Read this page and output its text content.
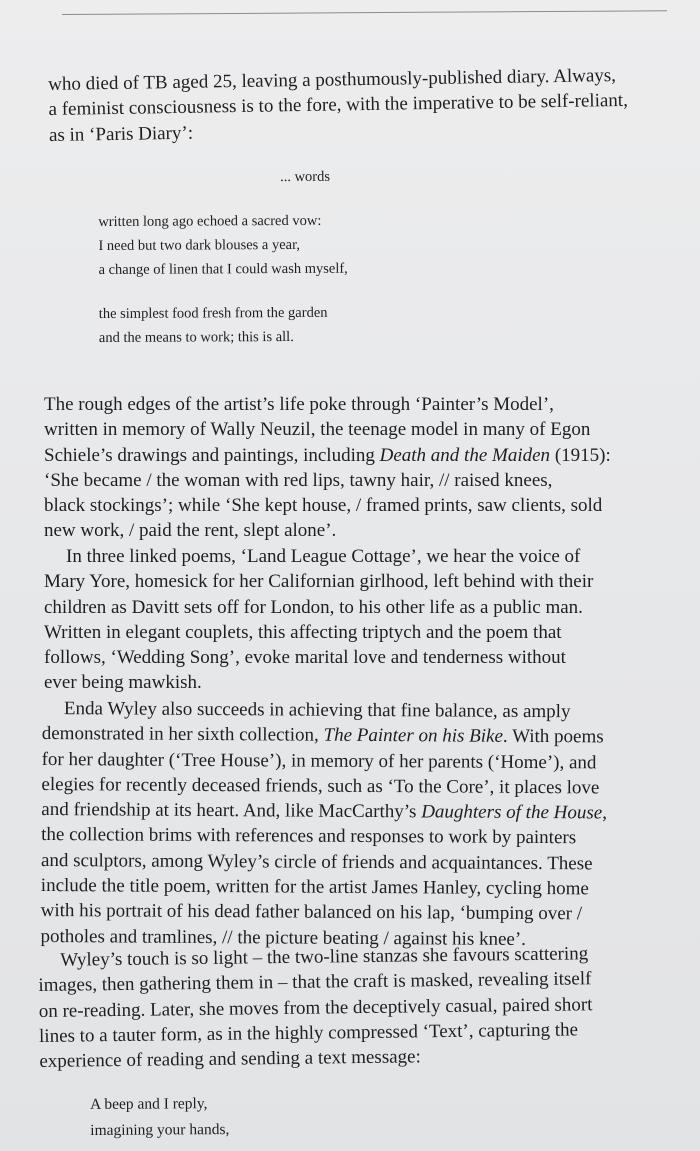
who died of TB aged 25, leaving a posthumously-published diary. Always,
a feminist consciousness is to the fore, with the imperative to be self-reliant,
as in ‘Paris Diary’:
... words
written long ago echoed a sacred vow:
I need but two dark blouses a year,
a change of linen that I could wash myself,
the simplest food fresh from the garden
and the means to work; this is all.
The rough edges of the artist’s life poke through ‘Painter’s Model’,
written in memory of Wally Neuzil, the teenage model in many of Egon
Schiele’s drawings and paintings, including Death and the Maiden (1915):
‘She became / the woman with red lips, tawny hair, // raised knees,
black stockings’; while ‘She kept house, / framed prints, saw clients, sold
new work, / paid the rent, slept alone’.
In three linked poems, ‘Land League Cottage’, we hear the voice of
Mary Yore, homesick for her Californian girlhood, left behind with their
children as Davitt sets off for London, to his other life as a public man.
Written in elegant couplets, this affecting triptych and the poem that
follows, ‘Wedding Song’, evoke marital love and tenderness without
ever being mawkish.
Enda Wyley also succeeds in achieving that fine balance, as amply
demonstrated in her sixth collection, The Painter on his Bike. With poems
for her daughter (‘Tree House’), in memory of her parents (‘Home’), and
elegies for recently deceased friends, such as ‘To the Core’, it places love
and friendship at its heart. And, like MacCarthy’s Daughters of the House,
the collection brims with references and responses to work by painters
and sculptors, among Wyley’s circle of friends and acquaintances. These
include the title poem, written for the artist James Hanley, cycling home
with his portrait of his dead father balanced on his lap, ‘bumping over /
potholes and tramlines, // the picture beating / against his knee’.
Wyley’s touch is so light – the two-line stanzas she favours scattering
images, then gathering them in – that the craft is masked, revealing itself
on re-reading. Later, she moves from the deceptively casual, paired short
lines to a tauter form, as in the highly compressed ‘Text’, capturing the
experience of reading and sending a text message:
A beep and I reply,
imagining your hands,
